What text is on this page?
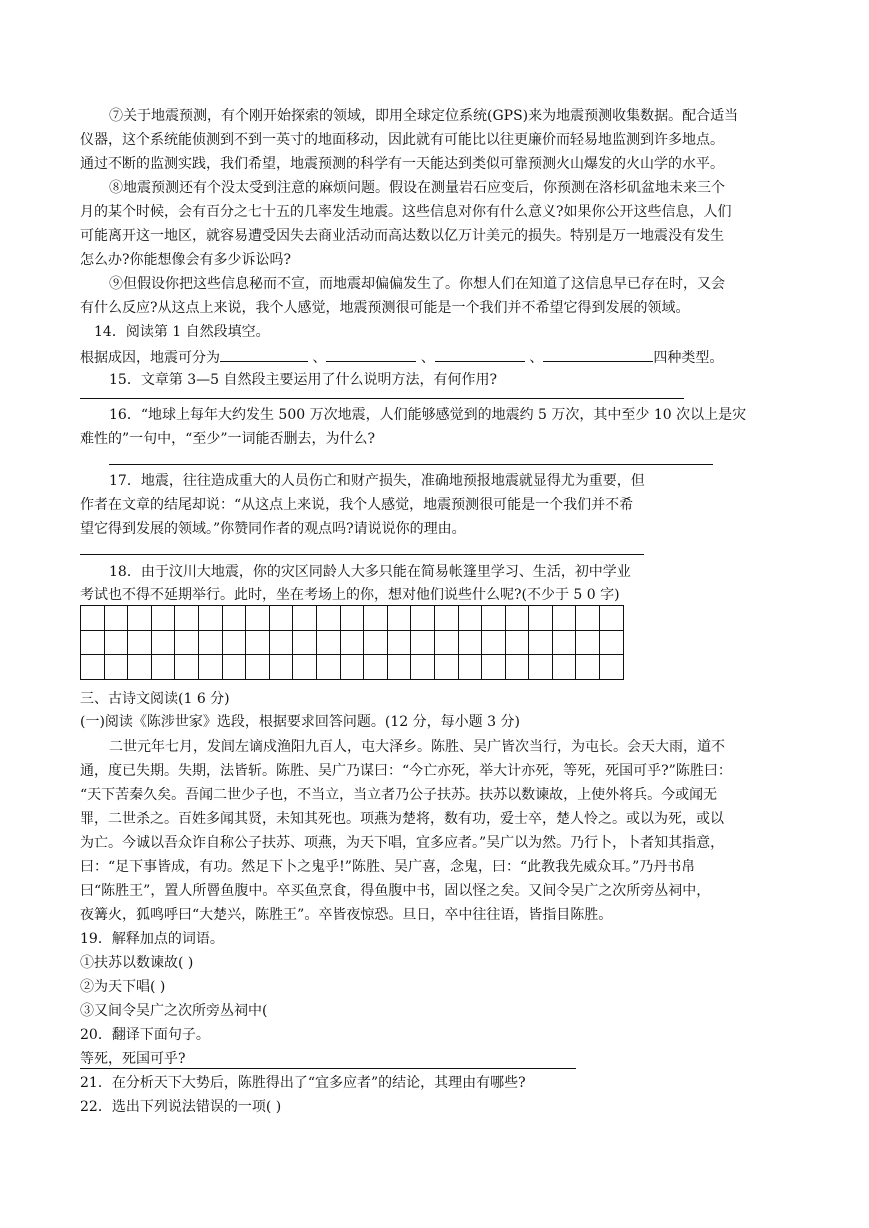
⑦关于地震预测，有个刚开始探索的领域，即用全球定位系统(GPS)来为地震预测收集数据。配合适当
仪器，这个系统能侦测到不到一英寸的地面移动，因此就有可能比以往更廉价而轻易地监测到许多地点。
通过不断的监测实践，我们希望，地震预测的科学有一天能达到类似可靠预测火山爆发的火山学的水平。
⑧地震预测还有个没太受到注意的麻烦问题。假设在测量岩石应变后，你预测在洛杉矶盆地未来三个
月的某个时候，会有百分之七十五的几率发生地震。这些信息对你有什么意义?如果你公开这些信息，人们
可能离开这一地区，就容易遭受因失去商业活动而高达数以亿万计美元的损失。特别是万一地震没有发生
怎么办?你能想像会有多少诉讼吗?
⑨但假设你把这些信息秘而不宣，而地震却偏偏发生了。你想人们在知道了这信息早已存在时，又会
有什么反应?从这点上来说，我个人感觉，地震预测很可能是一个我们并不希望它得到发展的领域。
14．阅读第 1 自然段填空。
根据成因，地震可分为	、	、	、	四种类型。
15．文章第 3—5 自然段主要运用了什么说明方法，有何作用?
16．“地球上每年大约发生 500 万次地震，人们能够感觉到的地震约 5 万次，其中至少 10 次以上是灾
难性的”一句中，“至少”一词能否删去，为什么?
17．地震，往往造成重大的人员伤亡和财产损失，准确地预报地震就显得尤为重要，但
作者在文章的结尾却说：“从这点上来说，我个人感觉，地震预测很可能是一个我们并不希
望它得到发展的领域。”你赞同作者的观点吗?请说说你的理由。
18．由于汶川大地震，你的灾区同龄人大多只能在简易帐篷里学习、生活，初中学业
考试也不得不延期举行。此时，坐在考场上的你，想对他们说些什么呢?(不少于 5 0 字)

三、古诗文阅读(1 6 分)
(一)阅读《陈涉世家》选段，根据要求回答问题。(12 分，每小题 3 分)
二世元年七月，发闾左谪戍渔阳九百人，屯大泽乡。陈胜、吴广皆次当行，为屯长。会天大雨，道不
通，度已失期。失期，法皆斩。陈胜、吴广乃谋曰：“今亡亦死，举大计亦死，等死，死国可乎?”陈胜曰：
“天下苦秦久矣。吾闻二世少子也，不当立，当立者乃公子扶苏。扶苏以数谏故，上使外将兵。今或闻无
罪，二世杀之。百姓多闻其贤，未知其死也。项燕为楚将，数有功，爱士卒，楚人怜之。或以为死，或以
为亡。今诚以吾众诈自称公子扶苏、项燕，为天下唱，宜多应者。”吴广以为然。乃行卜，卜者知其指意，
曰：“足下事皆成，有功。然足下卜之鬼乎!”陈胜、吴广喜，念鬼，曰：“此教我先威众耳。”乃丹书帛
曰“陈胜王”，置人所罾鱼腹中。卒买鱼烹食，得鱼腹中书，固以怪之矣。又间令吴广之次所旁丛祠中，
夜篝火，狐鸣呼曰“大楚兴，陈胜王”。卒皆夜惊恐。旦日，卒中往往语，皆指目陈胜。
19．解释加点的词语。
①扶苏以数谏故( )
②为天下唱( )
③又间令吴广之次所旁丛祠中(
20．翻译下面句子。
等死，死国可乎?
21．在分析天下大势后，陈胜得出了“宜多应者”的结论，其理由有哪些?
22．选出下列说法错误的一项( )
